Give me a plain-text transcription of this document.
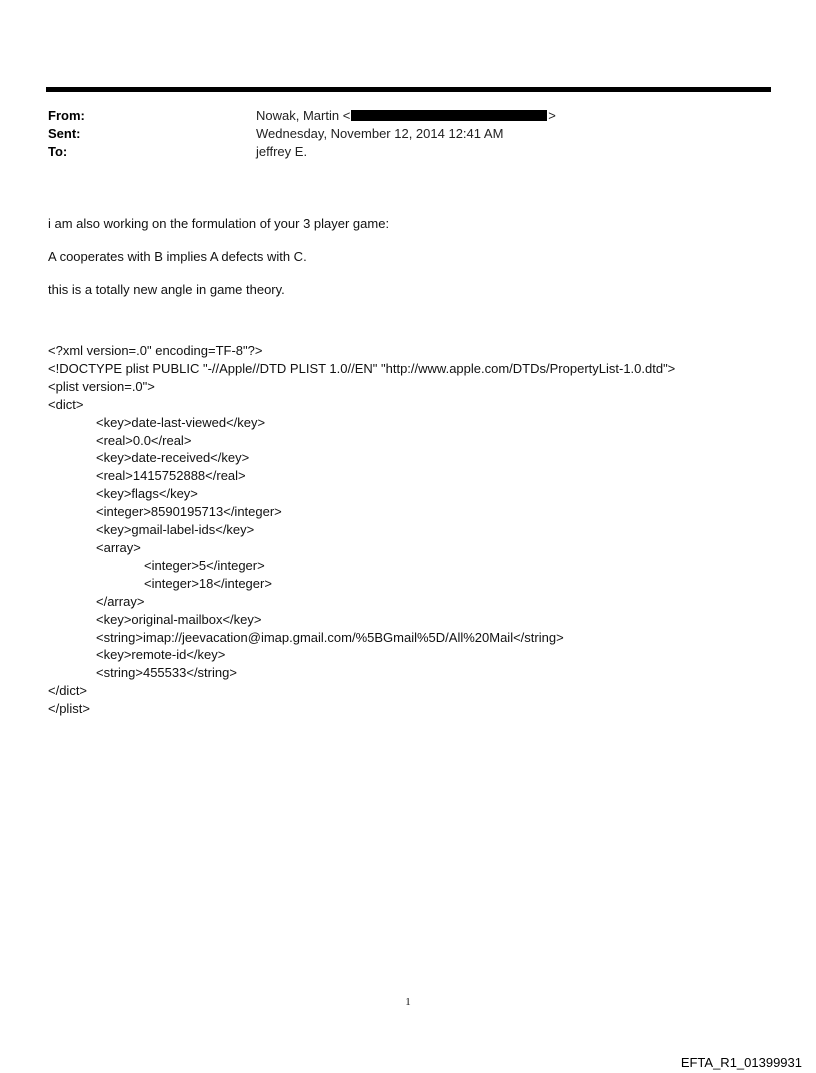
From:	Nowak, Martin <	>
Sent:	Wednesday, November 12, 2014 12:41 AM
To:	jeffrey E.

i am also working on the formulation of your 3 player game:

A cooperates with B implies A defects with C.

this is a totally new angle in game theory.

<?xml version=.0" encoding=TF-8"?>
<!DOCTYPE plist PUBLIC "-//Apple//DTD PLIST 1.0//EN" "http://www.apple.com/DTDs/PropertyList-1.0.dtd">
<plist version=.0">
<dict>
<key>date-last-viewed</key>
<real>0.0</real>
<key>date-received</key>
<real>1415752888</real>
<key>flags</key>
<integer>8590195713</integer>
<key>gmail-label-ids</key>
<array>
<integer>5</integer>
<integer>18</integer>
</array>
<key>original-mailbox</key>
<string>imap://jeevacation@imap.gmail.com/%5BGmail%5D/All%20Mail</string>
<key>remote-id</key>
<string>455533</string>
</dict>
</plist>
1
EFTA_R1_01399931
